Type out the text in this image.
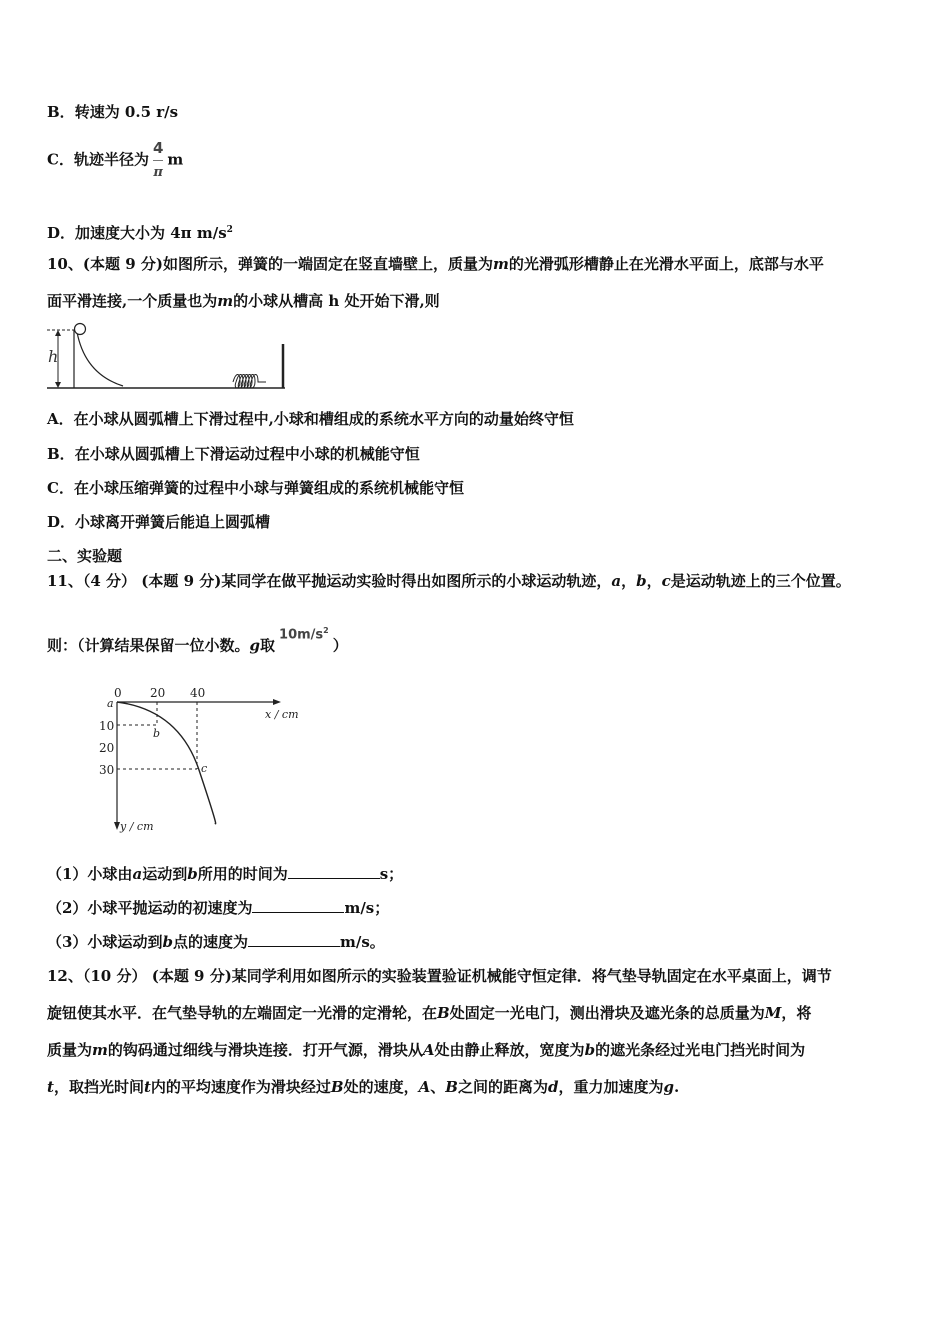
B．转速为 0.5 r/s
C．轨迹半径为 $\frac{4}{\pi}$ m
D．加速度大小为 4π $m/s^2$
10、(本题 9 分)如图所示，弹簧的一端固定在竖直墙壁上，质量为m的光滑弧形槽静止在光滑水平面上，底部与水平
面平滑连接,一个质量也为m的小球从槽高 h 处开始下滑,则
h
A．在小球从圆弧槽上下滑过程中,小球和槽组成的系统水平方向的动量始终守恒
B．在小球从圆弧槽上下滑运动过程中小球的机械能守恒
C．在小球压缩弹簧的过程中小球与弹簧组成的系统机械能守恒
D．小球离开弹簧后能追上圆弧槽
二、实验题
11、（4 分） (本题 9 分)某同学在做平抛运动实验时得出如图所示的小球运动轨迹，a，b，c是运动轨迹上的三个位置。
则：（计算结果保留一位小数。g取$10m/s^2$）
0 20 40
x / cm
10
20
30
y / cm
a
b
c
（1）小球由a运动到b所用的时间为	s；
（2）小球平抛运动的初速度为	m/s；
（3）小球运动到b点的速度为	m/s。
12、（10 分） (本题 9 分)某同学利用如图所示的实验装置验证机械能守恒定律．将气垫导轨固定在水平桌面上，调节
旋钮使其水平．在气垫导轨的左端固定一光滑的定滑轮，在B处固定一光电门，测出滑块及遮光条的总质量为M，将
质量为m的钩码通过细线与滑块连接．打开气源，滑块从A处由静止释放，宽度为b的遮光条经过光电门挡光时间为
t，取挡光时间t内的平均速度作为滑块经过B处的速度，A、B之间的距离为d，重力加速度为g.
